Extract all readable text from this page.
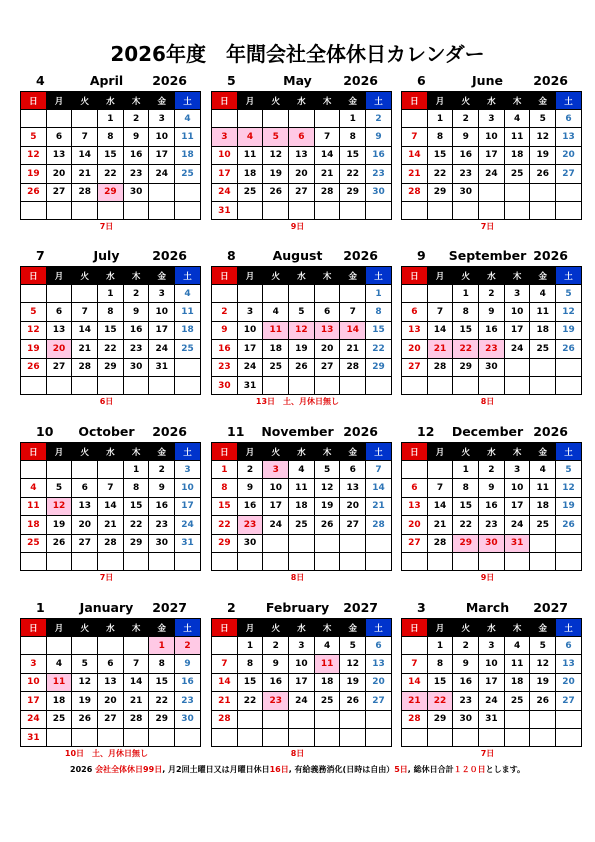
2026年度　年間会社全体休日カレンダー
4	April	2026
日	月	火	水	木	金	土
			1	2	3	4
5	6	7	8	9	10	11
12	13	14	15	16	17	18
19	20	21	22	23	24	25
26	27	28	29	30		

7日
5	May	2026
日	月	火	水	木	金	土
					1	2
3	4	5	6	7	8	9
10	11	12	13	14	15	16
17	18	19	20	21	22	23
24	25	26	27	28	29	30
31						
9日
6	June	2026
日	月	火	水	木	金	土
	1	2	3	4	5	6
7	8	9	10	11	12	13
14	15	16	17	18	19	20
21	22	23	24	25	26	27
28	29	30				

7日
7	July	2026
日	月	火	水	木	金	土
			1	2	3	4
5	6	7	8	9	10	11
12	13	14	15	16	17	18
19	20	21	22	23	24	25
26	27	28	29	30	31	

6日
8	August	2026
日	月	火	水	木	金	土
						1
2	3	4	5	6	7	8
9	10	11	12	13	14	15
16	17	18	19	20	21	22
23	24	25	26	27	28	29
30	31					
13日　土、月休日無し
9	September 2026
日	月	火	水	木	金	土
		1	2	3	4	5
6	7	8	9	10	11	12
13	14	15	16	17	18	19
20	21	22	23	24	25	26
27	28	29	30			

8日
10	October	2026
日	月	火	水	木	金	土
				1	2	3
4	5	6	7	8	9	10
11	12	13	14	15	16	17
18	19	20	21	22	23	24
25	26	27	28	29	30	31

7日
11	November 2026
日	月	火	水	木	金	土
1	2	3	4	5	6	7
8	9	10	11	12	13	14
15	16	17	18	19	20	21
22	23	24	25	26	27	28
29	30					

8日
12	December 2026
日	月	火	水	木	金	土
		1	2	3	4	5
6	7	8	9	10	11	12
13	14	15	16	17	18	19
20	21	22	23	24	25	26
27	28	29	30	31		

9日
1	January	2027
日	月	火	水	木	金	土
					1	2
3	4	5	6	7	8	9
10	11	12	13	14	15	16
17	18	19	20	21	22	23
24	25	26	27	28	29	30
31						
10日　土、月休日無し
2	February	2027
日	月	火	水	木	金	土
	1	2	3	4	5	6
7	8	9	10	11	12	13
14	15	16	17	18	19	20
21	22	23	24	25	26	27
28						

8日
3	March	2027
日	月	火	水	木	金	土
	1	2	3	4	5	6
7	8	9	10	11	12	13
14	15	16	17	18	19	20
21	22	23	24	25	26	27
28	29	30	31			

7日
2026 会社全体休日99日, 月2回土曜日又は月曜日休日16日, 有給義務消化(日時は自由）5日, 総休日合計１２０日とします。
